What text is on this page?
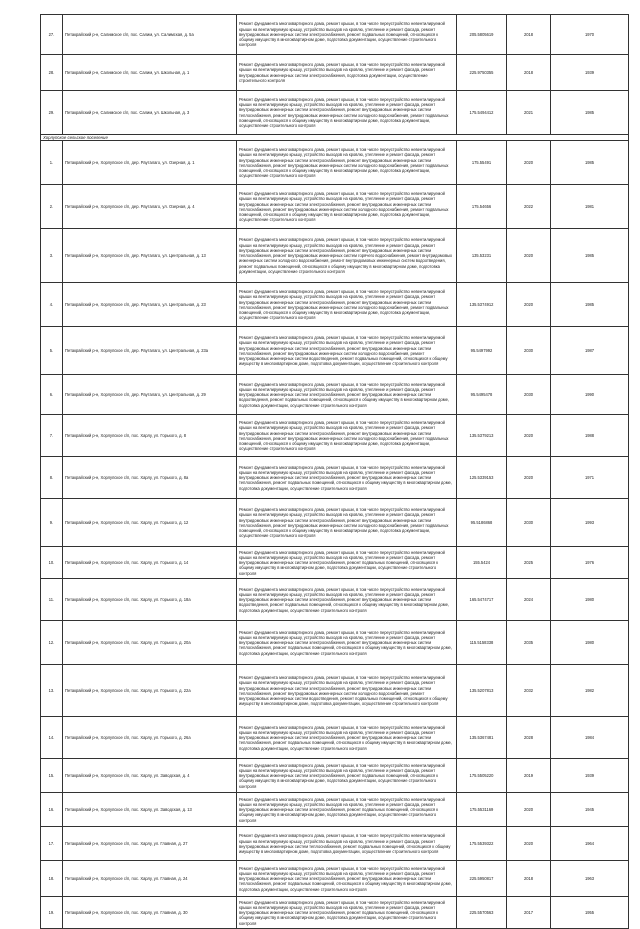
27.	Петакрайский р-н, Салимское с/п, пос. Салим, ул. Салимская, д. 5а	Ремонт фундамента многоквартирного дома, ремонт крыши, в том числе переустройство невентилируемой крыши на вентилируемую крышу, устройство выходов на кровлю, утепление и ремонт фасада, ремонт внутридомовых инженерных систем электроснабжения, ремонт подвальных помещений, относящихся к общему имуществу в многоквартирном доме, подготовка документации, осуществление строительного контроля	205.5805619	2018	1970
28.	Петакрайский р-н, Салимское с/п, пос. Салим, ул. Школьная, д. 1	Ремонт фундамента многоквартирного дома, ремонт крыши, в том числе переустройство невентилируемой крыши на вентилируемую крышу, устройство выходов на кровлю, утепление и ремонт фасада, ремонт внутридомовых инженерных систем электроснабжения, подготовка документации, осуществление строительного контроля	225.9750355	2018	1939
29.	Петакрайский р-н, Салимское с/п, пос. Салим, ул. Школьная, д. 3	Ремонт фундамента многоквартирного дома, ремонт крыши, в том числе переустройство невентилируемой крыши на вентилируемую крышу, устройство выходов на кровлю, утепление и ремонт фасада, ремонт внутридомовых инженерных систем электроснабжения, ремонт внутридомовых инженерных систем теплоснабжения, ремонт внутридомовых инженерных систем холодного водоснабжения, ремонт подвальных помещений, относящихся к общему имуществу в многоквартирном доме, подготовка документации, осуществление строительного контроля	175.5494412	2021	1985
Хорлупское сельское поселение					
1.	Петакрайский р-н, Хорлупское с/п, дер. Рауталаго, ул. Озерная, д. 1	Ремонт фундамента многоквартирного дома, ремонт крыши, в том числе переустройство невентилируемой крыши на вентилируемую крышу, устройство выходов на кровлю, утепление и ремонт фасада, ремонт внутридомовых инженерных систем электроснабжения, ремонт внутридомовых инженерных систем теплоснабжения, ремонт внутридомовых инженерных систем холодного водоснабжения, ремонт подвальных помещений, относящихся к общему имуществу в многоквартирном доме, подготовка документации, осуществление строительного контроля	175.55491	2020	1985
2.	Петакрайский р-н, Хорлупское с/п, дер. Рауталаго, ул. Озерная, д. 4	Ремонт фундамента многоквартирного дома, ремонт крыши, в том числе переустройство невентилируемой крыши на вентилируемую крышу, устройство выходов на кровлю, утепление и ремонт фасада, ремонт внутридомовых инженерных систем электроснабжения, ремонт внутридомовых инженерных систем теплоснабжения, ремонт внутридомовых инженерных систем холодного водоснабжения, ремонт подвальных помещений, относящихся к общему имуществу в многоквартирном доме, подготовка документации, осуществление строительного контроля	175.54656	2022	1981
3.	Петакрайский р-н, Хорлупское с/п, дер. Рауталаго, ул. Центральная, д. 13	Ремонт фундамента многоквартирного дома, ремонт крыши, в том числе переустройство невентилируемой крыши на вентилируемую крышу, устройство выходов на кровлю, утепление и ремонт фасада, ремонт внутридомовых инженерных систем электроснабжения, ремонт внутридомовых инженерных систем теплоснабжения, ремонт внутридомовых инженерных систем горячего водоснабжения, ремонт внутридомовых инженерных систем холодного водоснабжения, ремонт внутридомовых инженерных систем водоотведения, ремонт подвальных помещений, относящихся к общему имуществу в многоквартирном доме, подготовка документации, осуществление строительного контроля	135.53231	2020	1985
4.	Петакрайский р-н, Хорлупское с/п, дер. Рауталаго, ул. Центральная, д. 23	Ремонт фундамента многоквартирного дома, ремонт крыши, в том числе переустройство невентилируемой крыши на вентилируемую крышу, устройство выходов на кровлю, утепление и ремонт фасада, ремонт внутридомовых инженерных систем электроснабжения, ремонт внутридомовых инженерных систем теплоснабжения, ремонт внутридомовых инженерных систем холодного водоснабжения, ремонт подвальных помещений, относящихся к общему имуществу в многоквартирном доме, подготовка документации, осуществление строительного контроля	135.5374912	2020	1985
5.	Петакрайский р-н, Хорлупское с/п, дер. Рауталаго, ул. Центральная, д. 23а	Ремонт фундамента многоквартирного дома, ремонт крыши, в том числе переустройство невентилируемой крыши на вентилируемую крышу, устройство выходов на кровлю, утепление и ремонт фасада, ремонт внутридомовых инженерных систем электроснабжения, ремонт внутридомовых инженерных систем теплоснабжения, ремонт внутридомовых инженерных систем холодного водоснабжения, ремонт внутридомовых инженерных систем водоотведения, ремонт подвальных помещений, относящихся к общему имуществу в многоквартирном доме, подготовка документации, осуществление строительного контроля	95.5497992	2030	1987
6.	Петакрайский р-н, Хорлупское с/п, дер. Рауталаго, ул. Центральная, д. 29	Ремонт фундамента многоквартирного дома, ремонт крыши, в том числе переустройство невентилируемой крыши на вентилируемую крышу, устройство выходов на кровлю, утепление и ремонт фасада, ремонт внутридомовых инженерных систем электроснабжения, ремонт внутридомовых инженерных систем водоотведения, ремонт подвальных помещений, относящихся к общему имуществу в многоквартирном доме, подготовка документации, осуществление строительного контроля	95.5495478	2030	1990
7.	Петакрайский р-н, Хорлупское с/п, пос. Харлу, ул. Горького, д. 8	Ремонт фундамента многоквартирного дома, ремонт крыши, в том числе переустройство невентилируемой крыши на вентилируемую крышу, устройство выходов на кровлю, утепление и ремонт фасада, ремонт внутридомовых инженерных систем электроснабжения, ремонт внутридомовых инженерных систем теплоснабжения, ремонт внутридомовых инженерных систем холодного водоснабжения, ремонт подвальных помещений, относящихся к общему имуществу в многоквартирном доме, подготовка документации, осуществление строительного контроля	135.5379213	2020	1988
8.	Петакрайский р-н, Хорлупское с/п, пос. Харлу, ул. Горького, д. 8а	Ремонт фундамента многоквартирного дома, ремонт крыши, в том числе переустройство невентилируемой крыши на вентилируемую крышу, устройство выходов на кровлю, утепление и ремонт фасада, ремонт внутридомовых инженерных систем электроснабжения, ремонт внутридомовых инженерных систем теплоснабжения, ремонт подвальных помещений, относящихся к общему имуществу в многоквартирном доме, подготовка документации, осуществление строительного контроля	125.5339153	2020	1971
9.	Петакрайский р-н, Хорлупское с/п, пос. Харлу, ул. Горького, д. 12	Ремонт фундамента многоквартирного дома, ремонт крыши, в том числе переустройство невентилируемой крыши на вентилируемую крышу, устройство выходов на кровлю, утепление и ремонт фасада, ремонт внутридомовых инженерных систем электроснабжения, ремонт внутридомовых инженерных систем теплоснабжения, ремонт внутридомовых инженерных систем холодного водоснабжения, ремонт подвальных помещений, относящихся к общему имуществу в многоквартирном доме, подготовка документации, осуществление строительного контроля	95.5186868	2030	1993
10.	Петакрайский р-н, Хорлупское с/п, пос. Харлу, ул. Горького, д. 14	Ремонт фундамента многоквартирного дома, ремонт крыши, в том числе переустройство невентилируемой крыши на вентилируемую крышу, устройство выходов на кровлю, утепление и ремонт фасада, ремонт внутридомовых инженерных систем электроснабжения, ремонт подвальных помещений, относящихся к общему имуществу в многоквартирном доме, подготовка документации, осуществление строительного контроля	155.5424	2025	1976
11.	Петакрайский р-н, Хорлупское с/п, пос. Харлу, ул. Горького, д. 18а	Ремонт фундамента многоквартирного дома, ремонт крыши, в том числе переустройство невентилируемой крыши на вентилируемую крышу, устройство выходов на кровлю, утепление и ремонт фасада, ремонт внутридомовых инженерных систем электроснабжения, ремонт внутридомовых инженерных систем водоотведения, ремонт подвальных помещений, относящихся к общему имуществу в многоквартирном доме, подготовка документации, осуществление строительного контроля	165.5474717	2024	1980
12.	Петакрайский р-н, Хорлупское с/п, пос. Харлу, ул. Горького, д. 20а	Ремонт фундамента многоквартирного дома, ремонт крыши, в том числе переустройство невентилируемой крыши на вентилируемую крышу, устройство выходов на кровлю, утепление и ремонт фасада, ремонт внутридомовых инженерных систем электроснабжения, ремонт внутридомовых инженерных систем теплоснабжения, ремонт подвальных помещений, относящихся к общему имуществу в многоквартирном доме, подготовка документации, осуществление строительного контроля	115.5158338	2035	1980
13.	Петакрайский р-н, Хорлупское с/п, пос. Харлу, ул. Горького, д. 22а	Ремонт фундамента многоквартирного дома, ремонт крыши, в том числе переустройство невентилируемой крыши на вентилируемую крышу, устройство выходов на кровлю, утепление и ремонт фасада, ремонт внутридомовых инженерных систем электроснабжения, ремонт внутридомовых инженерных систем теплоснабжения, ремонт внутридомовых инженерных систем холодного водоснабжения, ремонт внутридомовых инженерных систем водоотведения, ремонт подвальных помещений, относящихся к общему имуществу в многоквартирном доме, подготовка документации, осуществление строительного контроля	135.5207813	2032	1982
14.	Петакрайский р-н, Хорлупское с/п, пос. Харлу, ул. Горького, д. 26а	Ремонт фундамента многоквартирного дома, ремонт крыши, в том числе переустройство невентилируемой крыши на вентилируемую крышу, устройство выходов на кровлю, утепление и ремонт фасада, ремонт внутридомовых инженерных систем электроснабжения, ремонт внутридомовых инженерных систем теплоснабжения, ремонт подвальных помещений, относящихся к общему имуществу в многоквартирном доме, подготовка документации, осуществление строительного контроля	135.5367481	2028	1984
15.	Петакрайский р-н, Хорлупское с/п, пос. Харлу, ул. Заводская, д. 4	Ремонт фундамента многоквартирного дома, ремонт крыши, в том числе переустройство невентилируемой крыши на вентилируемую крышу, устройство выходов на кровлю, утепление и ремонт фасада, ремонт внутридомовых инженерных систем электроснабжения, ремонт подвальных помещений, относящихся к общему имуществу в многоквартирном доме, подготовка документации, осуществление строительного контроля	175.5505220	2019	1939
16.	Петакрайский р-н, Хорлупское с/п, пос. Харлу, ул. Заводская, д. 13	Ремонт фундамента многоквартирного дома, ремонт крыши, в том числе переустройство невентилируемой крыши на вентилируемую крышу, устройство выходов на кровлю, утепление и ремонт фасада, ремонт внутридомовых инженерных систем электроснабжения, ремонт подвальных помещений, относящихся к общему имуществу в многоквартирном доме, подготовка документации, осуществление строительного контроля	175.5531169	2020	1945
17.	Петакрайский р-н, Хорлупское с/п, пос. Харлу, ул. Главная, д. 27	Ремонт фундамента многоквартирного дома, ремонт крыши, в том числе переустройство невентилируемой крыши на вентилируемую крышу, устройство выходов на кровлю, утепление и ремонт фасада, ремонт внутридомовых инженерных систем теплоснабжения, ремонт подвальных помещений, относящихся к общему имуществу в многоквартирном доме, подготовка документации, осуществление строительного контроля	175.5539322	2020	1964
18.	Петакрайский р-н, Хорлупское с/п, пос. Харлу, ул. Главная, д. 24	Ремонт фундамента многоквартирного дома, ремонт крыши, в том числе переустройство невентилируемой крыши на вентилируемую крышу, устройство выходов на кровлю, утепление и ремонт фасада, ремонт внутридомовых инженерных систем электроснабжения, ремонт внутридомовых инженерных систем теплоснабжения, ремонт подвальных помещений, относящихся к общему имуществу в многоквартирном доме, подготовка документации, осуществление строительного контроля	225.5950817	2018	1963
19.	Петакрайский р-н, Хорлупское с/п, пос. Харлу, ул. Главная, д. 30	Ремонт фундамента многоквартирного дома, ремонт крыши, в том числе переустройство невентилируемой крыши на вентилируемую крышу, устройство выходов на кровлю, утепление и ремонт фасада, ремонт внутридомовых инженерных систем электроснабжения, ремонт подвальных помещений, относящихся к общему имуществу в многоквартирном доме, подготовка документации, осуществление строительного контроля	225.5570563	2017	1955
